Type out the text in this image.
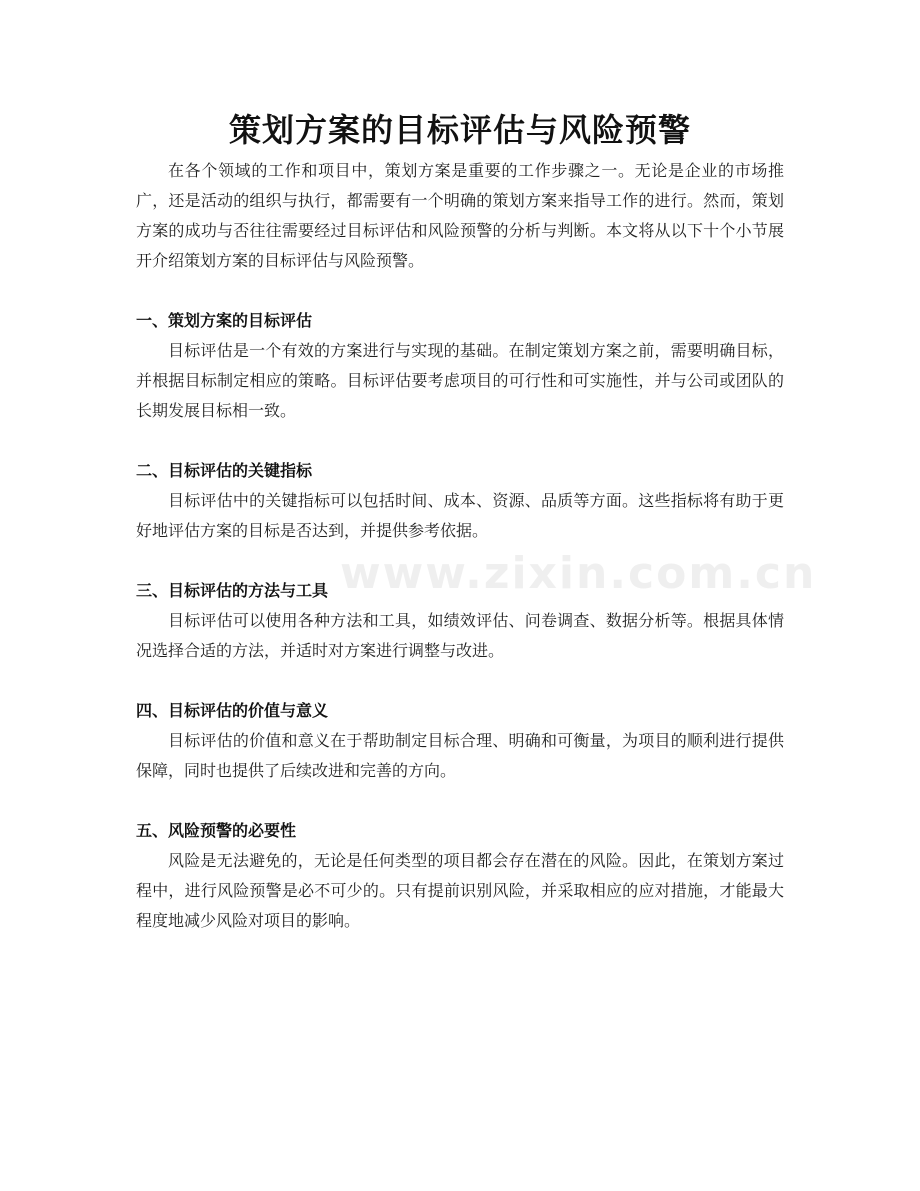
策划方案的目标评估与风险预警

在各个领域的工作和项目中，策划方案是重要的工作步骤之一。无论是企业的市场推广，还是活动的组织与执行，都需要有一个明确的策划方案来指导工作的进行。然而，策划方案的成功与否往往需要经过目标评估和风险预警的分析与判断。本文将从以下十个小节展开介绍策划方案的目标评估与风险预警。

一、策划方案的目标评估

目标评估是一个有效的方案进行与实现的基础。在制定策划方案之前，需要明确目标，并根据目标制定相应的策略。目标评估要考虑项目的可行性和可实施性，并与公司或团队的长期发展目标相一致。

二、目标评估的关键指标

目标评估中的关键指标可以包括时间、成本、资源、品质等方面。这些指标将有助于更好地评估方案的目标是否达到，并提供参考依据。

三、目标评估的方法与工具

目标评估可以使用各种方法和工具，如绩效评估、问卷调查、数据分析等。根据具体情况选择合适的方法，并适时对方案进行调整与改进。

四、目标评估的价值与意义

目标评估的价值和意义在于帮助制定目标合理、明确和可衡量，为项目的顺利进行提供保障，同时也提供了后续改进和完善的方向。

五、风险预警的必要性

风险是无法避免的，无论是任何类型的项目都会存在潜在的风险。因此，在策划方案过程中，进行风险预警是必不可少的。只有提前识别风险，并采取相应的应对措施，才能最大程度地减少风险对项目的影响。

www.zixin.com.cn
